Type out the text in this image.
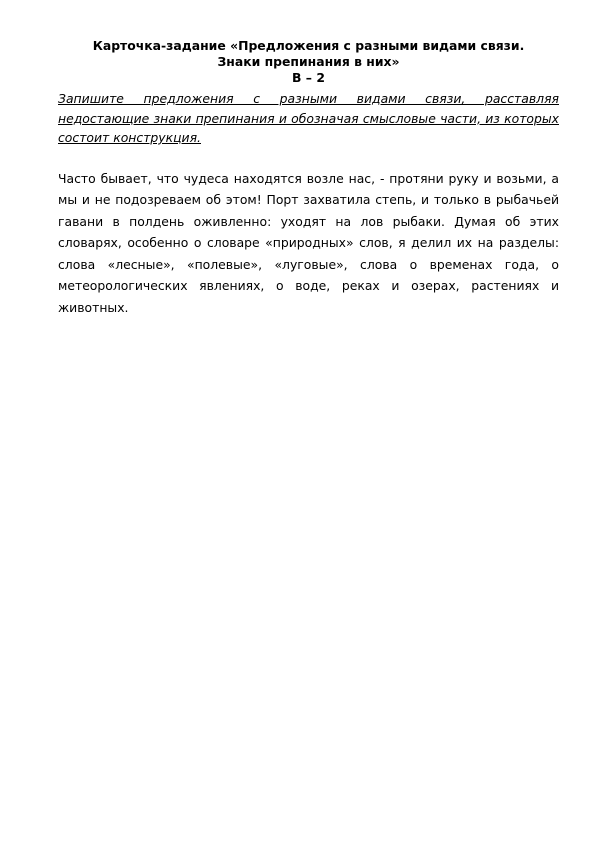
Карточка-задание «Предложения с разными видами связи.
Знаки препинания в них»
В – 2

Запишите предложения с разными видами связи, расставляя недостающие знаки препинания и обозначая смысловые части, из которых состоит конструкция.

Часто бывает, что чудеса находятся возле нас, - протяни руку и возьми, а мы и не подозреваем об этом! Порт захватила степь, и только в рыбачьей гавани в полдень оживленно: уходят на лов рыбаки. Думая об этих словарях, особенно о словаре «природных» слов, я делил их на разделы: слова «лесные», «полевые», «луговые», слова о временах года, о метеорологических явлениях, о воде, реках и озерах, растениях и животных.
